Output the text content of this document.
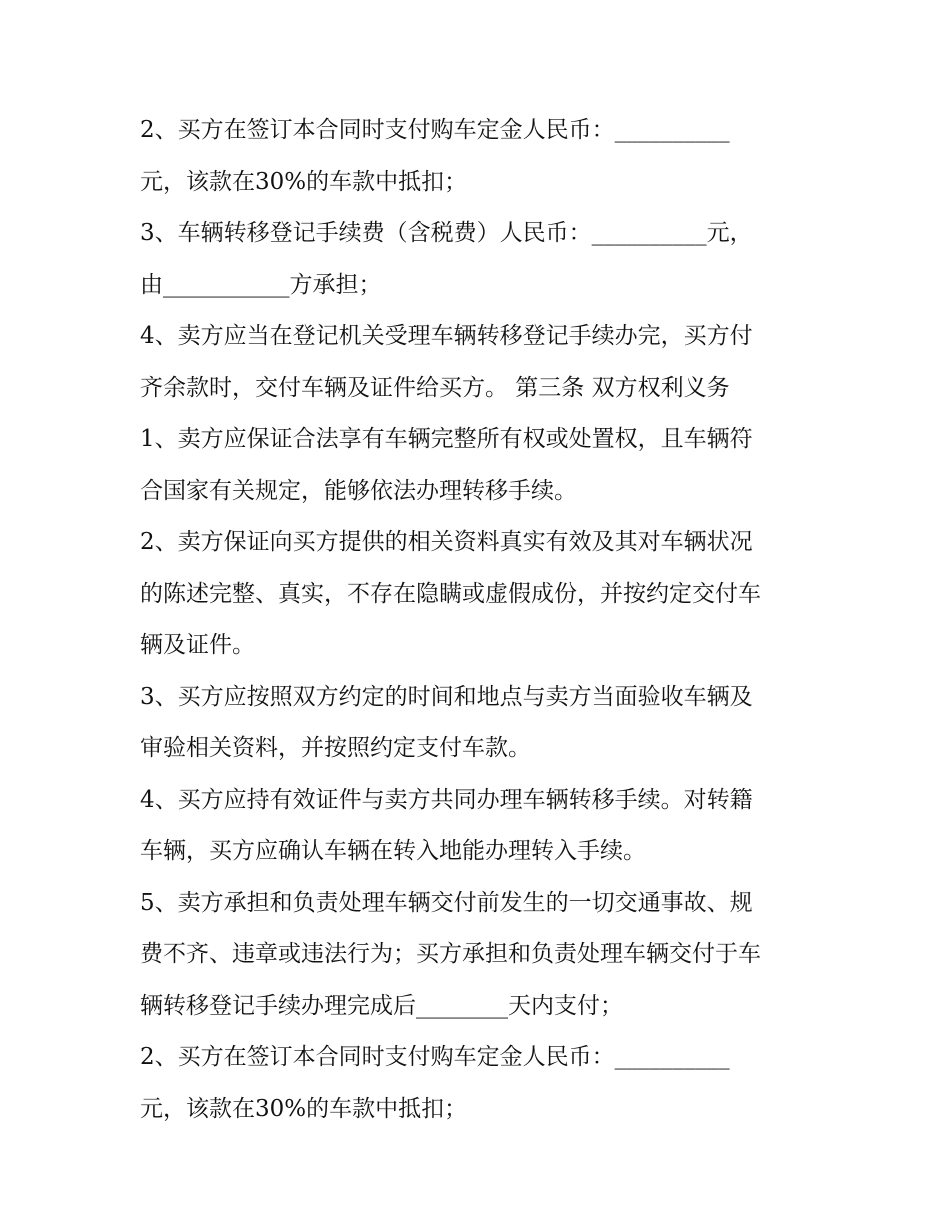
2、买方在签订本合同时支付购车定金人民币：__________

元，该款在30%的车款中抵扣；

3、车辆转移登记手续费（含税费）人民币：__________元，

由___________方承担；

4、卖方应当在登记机关受理车辆转移登记手续办完，买方付

齐余款时，交付车辆及证件给买方。 第三条 双方权利义务

1、卖方应保证合法享有车辆完整所有权或处置权，且车辆符

合国家有关规定，能够依法办理转移手续。

2、卖方保证向买方提供的相关资料真实有效及其对车辆状况

的陈述完整、真实，不存在隐瞒或虚假成份，并按约定交付车

辆及证件。

3、买方应按照双方约定的时间和地点与卖方当面验收车辆及

审验相关资料，并按照约定支付车款。

4、买方应持有效证件与卖方共同办理车辆转移手续。对转籍

车辆，买方应确认车辆在转入地能办理转入手续。

5、卖方承担和负责处理车辆交付前发生的一切交通事故、规

费不齐、违章或违法行为；买方承担和负责处理车辆交付于车

辆转移登记手续办理完成后________天内支付；

2、买方在签订本合同时支付购车定金人民币：__________

元，该款在30%的车款中抵扣；
